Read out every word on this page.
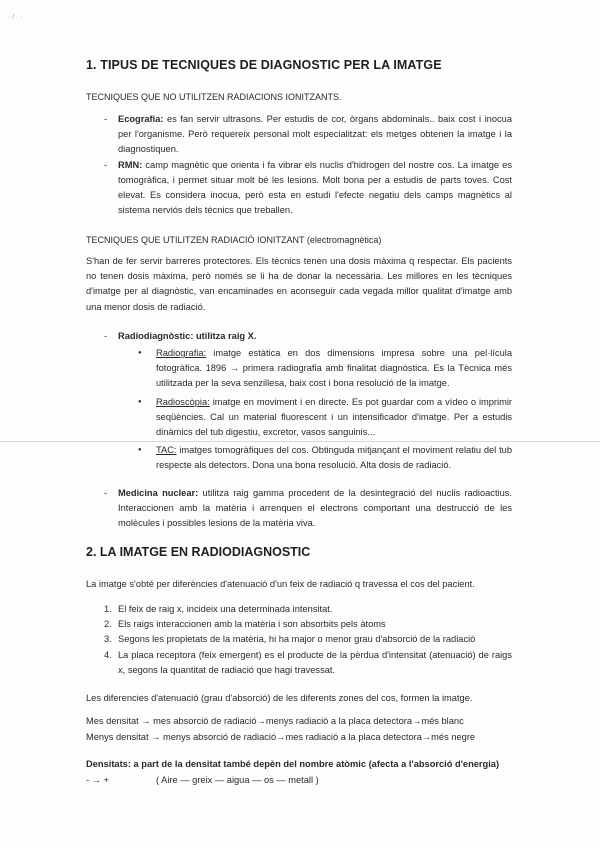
·/ ·
1. TIPUS DE TECNIQUES DE DIAGNOSTIC PER LA IMATGE
TECNIQUES QUE NO UTILITZEN RADIACIONS IONITZANTS.
- Ecografia: es fan servir ultrasons. Per estudis de cor, òrgans abdominals.. baix cost i inocua per l'organisme. Però requereix personal molt especialitzat: els metges obtenen la imatge i la diagnostiquen.
- RMN: camp magnètic que orienta i fa vibrar els nuclis d'hidrogen del nostre cos. La imatge es tomogràfica, i permet situar molt bé les lesions. Molt bona per a estudis de parts toves. Cost elevat. Es considera inocua, però esta en estudi l'efecte negatiu dels camps magnètics al sistema nerviós dels tècnics que treballen.
TECNIQUES QUE UTILITZEN RADIACIÓ IONITZANT (electromagnètica)
S'han de fer servir barreres protectores. Els tècnics tenen una dosis màxima q respectar. Els pacients no tenen dosis màxima, però només se li ha de donar la necessària. Les millores en les tècniques d'imatge per al diagnòstic, van encaminades en aconseguir cada vegada millor qualitat d'imatge amb una menor dosis de radiació.
- Radiodiagnòstic: utilitza raig X.
● Radiografia: imatge estàtica en dos dimensions impresa sobre una pel·lícula fotogràfica. 1896 → primera radiografia amb finalitat diagnòstica. Es la Tècnica més utilitzada per la seva senzillesa, baix cost i bona resolució de la imatge.
● Radioscòpia: imatge en moviment i en directe. Es pot guardar com a vídeo o imprimir seqüències. Cal un material fluorescent i un intensificador d'imatge. Per a estudis dinàmics del tub digestiu, excretor, vasos sanguinis...
● TAC: imatges tomogràfiques del cos. Obtinguda mitjançant el moviment relatiu del tub respecte als detectors. Dona una bona resolució. Alta dosis de radiació.
- Medicina nuclear: utilitza raig gamma procedent de la desintegració del nuclis radioactius. Interaccionen amb la matèria i arrenquen el electrons comportant una destrucció de les molècules i possibles lesions de la matèria viva.
2. LA IMATGE EN RADIODIAGNOSTIC
La imatge s'obté per diferències d'atenuació d'un feix de radiació q travessa el cos del pacient.
1. El feix de raig x, incideix una determinada intensitat.
2. Els raigs interaccionen amb la matèria i son absorbits pels àtoms
3. Segons les propietats de la matèria, hi ha major o menor grau d'absorció de la radiació
4. La placa receptora (feix emergent) es el producte de la pèrdua d'intensitat (atenuació) de raigs x, segons la quantitat de radiació que hagi travessat.
Les diferencies d'atenuació (grau d'absorció) de les diferents zones del cos, formen la imatge.
Mes densitat → mes absorció de radiació→menys radiació a la placa detectora→més blanc
Menys densitat → menys absorció de radiació→mes radiació a la placa detectora→més negre
Densitats: a part de la densitat també depèn del nombre atòmic (afecta a l'absorció d'energia)
- → +	( Aire — greix — aigua — os — metall )
